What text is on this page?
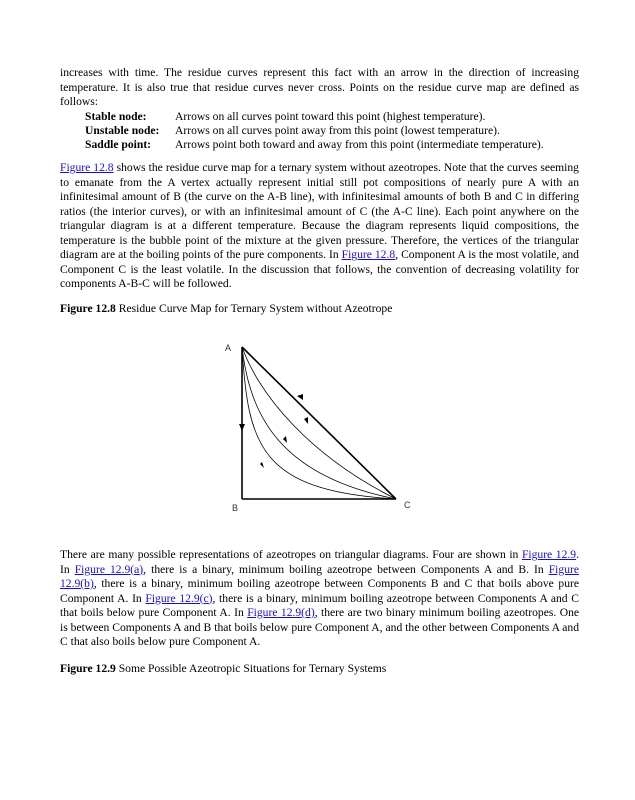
increases with time. The residue curves represent this fact with an arrow in the direction of increasing temperature. It is also true that residue curves never cross. Points on the residue curve map are defined as follows:

Stable node:	Arrows on all curves point toward this point (highest temperature).
Unstable node:	Arrows on all curves point away from this point (lowest temperature).
Saddle point:	Arrows point both toward and away from this point (intermediate temperature).

Figure 12.8 shows the residue curve map for a ternary system without azeotropes. Note that the curves seeming to emanate from the A vertex actually represent initial still pot compositions of nearly pure A with an infinitesimal amount of B (the curve on the A-B line), with infinitesimal amounts of both B and C in differing ratios (the interior curves), or with an infinitesimal amount of C (the A-C line). Each point anywhere on the triangular diagram is at a different temperature. Because the diagram represents liquid compositions, the temperature is the bubble point of the mixture at the given pressure. Therefore, the vertices of the triangular diagram are at the boiling points of the pure components. In Figure 12.8, Component A is the most volatile, and Component C is the least volatile. In the discussion that follows, the convention of decreasing volatility for components A-B-C will be followed.

Figure 12.8 Residue Curve Map for Ternary System without Azeotrope
A
B	C

There are many possible representations of azeotropes on triangular diagrams. Four are shown in Figure 12.9. In Figure 12.9(a), there is a binary, minimum boiling azeotrope between Components A and B. In Figure 12.9(b), there is a binary, minimum boiling azeotrope between Components B and C that boils above pure Component A. In Figure 12.9(c), there is a binary, minimum boiling azeotrope between Components A and C that boils below pure Component A. In Figure 12.9(d), there are two binary minimum boiling azeotropes. One is between Components A and B that boils below pure Component A, and the other between Components A and C that also boils below pure Component A.

Figure 12.9 Some Possible Azeotropic Situations for Ternary Systems
